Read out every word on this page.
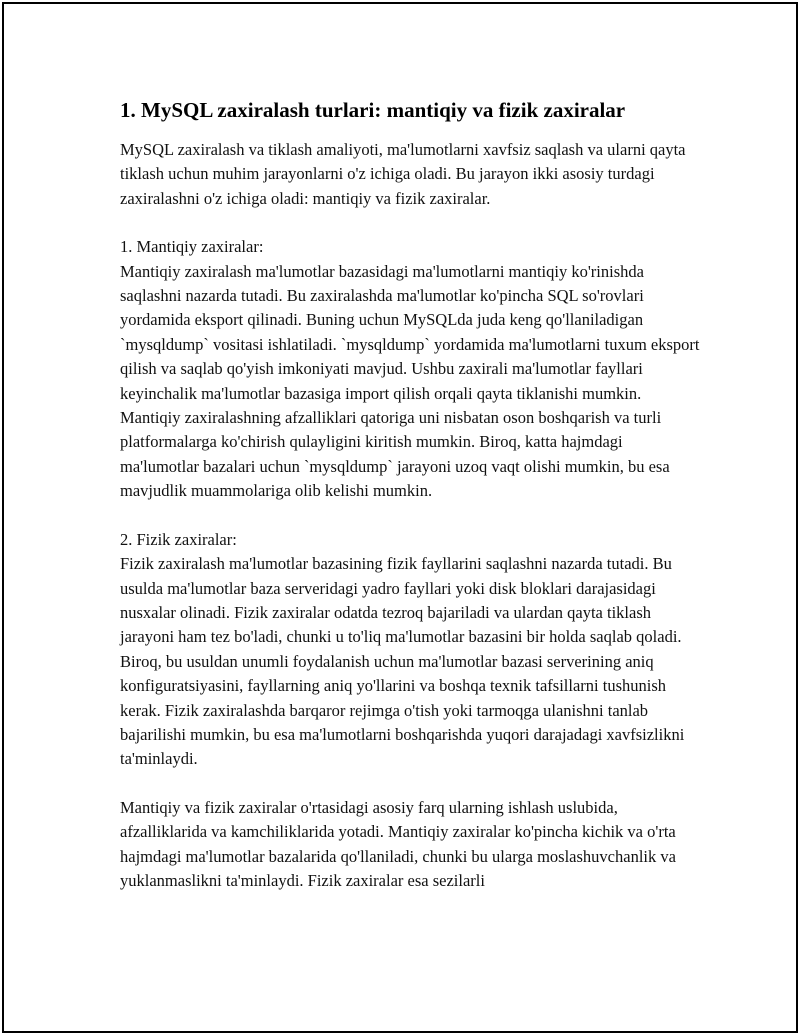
1. MySQL zaxiralash turlari: mantiqiy va fizik zaxiralar

MySQL zaxiralash va tiklash amaliyoti, ma'lumotlarni xavfsiz saqlash va ularni qayta tiklash uchun muhim jarayonlarni o'z ichiga oladi. Bu jarayon ikki asosiy turdagi zaxiralashni o'z ichiga oladi: mantiqiy va fizik zaxiralar.

1. Mantiqiy zaxiralar:
Mantiqiy zaxiralash ma'lumotlar bazasidagi ma'lumotlarni mantiqiy ko'rinishda saqlashni nazarda tutadi. Bu zaxiralashda ma'lumotlar ko'pincha SQL so'rovlari yordamida eksport qilinadi. Buning uchun MySQLda juda keng qo'llaniladigan `mysqldump` vositasi ishlatiladi. `mysqldump` yordamida ma'lumotlarni tuxum eksport qilish va saqlab qo'yish imkoniyati mavjud. Ushbu zaxirali ma'lumotlar fayllari keyinchalik ma'lumotlar bazasiga import qilish orqali qayta tiklanishi mumkin. Mantiqiy zaxiralashning afzalliklari qatoriga uni nisbatan oson boshqarish va turli platformalarga ko'chirish qulayligini kiritish mumkin. Biroq, katta hajmdagi ma'lumotlar bazalari uchun `mysqldump` jarayoni uzoq vaqt olishi mumkin, bu esa mavjudlik muammolariga olib kelishi mumkin.

2. Fizik zaxiralar:
Fizik zaxiralash ma'lumotlar bazasining fizik fayllarini saqlashni nazarda tutadi. Bu usulda ma'lumotlar baza serveridagi yadro fayllari yoki disk bloklari darajasidagi nusxalar olinadi. Fizik zaxiralar odatda tezroq bajariladi va ulardan qayta tiklash jarayoni ham tez bo'ladi, chunki u to'liq ma'lumotlar bazasini bir holda saqlab qoladi. Biroq, bu usuldan unumli foydalanish uchun ma'lumotlar bazasi serverining aniq konfiguratsiyasini, fayllarning aniq yo'llarini va boshqa texnik tafsillarni tushunish kerak. Fizik zaxiralashda barqaror rejimga o'tish yoki tarmoqga ulanishni tanlab bajarilishi mumkin, bu esa ma'lumotlarni boshqarishda yuqori darajadagi xavfsizlikni ta'minlaydi.

Mantiqiy va fizik zaxiralar o'rtasidagi asosiy farq ularning ishlash uslubida, afzalliklarida va kamchiliklarida yotadi. Mantiqiy zaxiralar ko'pincha kichik va o'rta hajmdagi ma'lumotlar bazalarida qo'llaniladi, chunki bu ularga moslashuvchanlik va yuklanmaslikni ta'minlaydi. Fizik zaxiralar esa sezilarli
